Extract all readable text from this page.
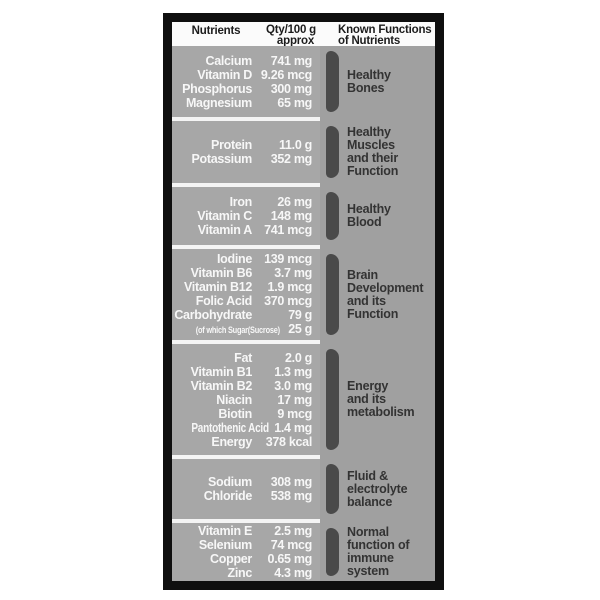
Nutrients	Qty/100 g
approx
Known Functions
of Nutrients
Calcium	741 mg
Vitamin D 9.26 mcg
Phosphorus	300 mg
Magnesium	65 mg
Healthy
Bones
Protein	11.0 g
Potassium	352 mg
Healthy
Muscles
and their
Function
Iron	26 mg
Vitamin C	148 mg
Vitamin A 741 mcg
Healthy
Blood
Iodine 139 mcg
Vitamin B6	3.7 mg
Vitamin B12	1.9 mcg
Folic Acid 370 mcg
Carbohydrate	79 g
(of which Sugar(Sucrose) 25 g
Brain
Development
and its
Function
Fat	2.0 g
Vitamin B1	1.3 mg
Vitamin B2	3.0 mg
Niacin	17 mg
Biotin	9 mcg
Pantothenic Acid 1.4 mg
Energy	378 kcal
Energy
and its
metabolism
Sodium	308 mg
Chloride	538 mg
Fluid &
electrolyte
balance
Vitamin E	2.5 mg
Selenium	74 mcg
Copper	0.65 mg
Zinc	4.3 mg
Normal
function of
immune
system
